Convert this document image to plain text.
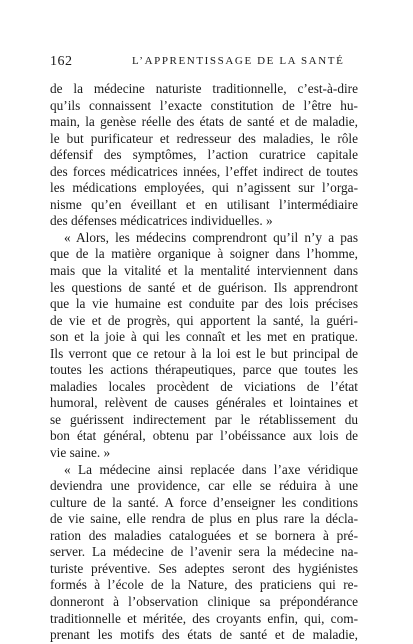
162	L’APPRENTISSAGE DE LA SANTÉ
de la médecine naturiste traditionnelle, c’est-à-dire
qu’ils connaissent l’exacte constitution de l’être hu-
main, la genèse réelle des états de santé et de maladie,
le but purificateur et redresseur des maladies, le rôle
défensif des symptômes, l’action curatrice capitale
des forces médicatrices innées, l’effet indirect de toutes
les médications employées, qui n’agissent sur l’orga-
nisme qu’en éveillant et en utilisant l’intermédiaire
des défenses médicatrices individuelles. »
« Alors, les médecins comprendront qu’il n’y a pas
que de la matière organique à soigner dans l’homme,
mais que la vitalité et la mentalité interviennent dans
les questions de santé et de guérison. Ils apprendront
que la vie humaine est conduite par des lois précises
de vie et de progrès, qui apportent la santé, la guéri-
son et la joie à qui les connaît et les met en pratique.
Ils verront que ce retour à la loi est le but principal de
toutes les actions thérapeutiques, parce que toutes les
maladies locales procèdent de viciations de l’état
humoral, relèvent de causes générales et lointaines et
se guérissent indirectement par le rétablissement du
bon état général, obtenu par l’obéissance aux lois de
vie saine. »
« La médecine ainsi replacée dans l’axe véridique
deviendra une providence, car elle se réduira à une
culture de la santé. A force d’enseigner les conditions
de vie saine, elle rendra de plus en plus rare la décla-
ration des maladies cataloguées et se bornera à pré-
server. La médecine de l’avenir sera la médecine na-
turiste préventive. Ses adeptes seront des hygiénistes
formés à l’école de la Nature, des praticiens qui re-
donneront à l’observation clinique sa prépondérance
traditionnelle et méritée, des croyants enfin, qui, com-
prenant les motifs des états de santé et de maladie,
